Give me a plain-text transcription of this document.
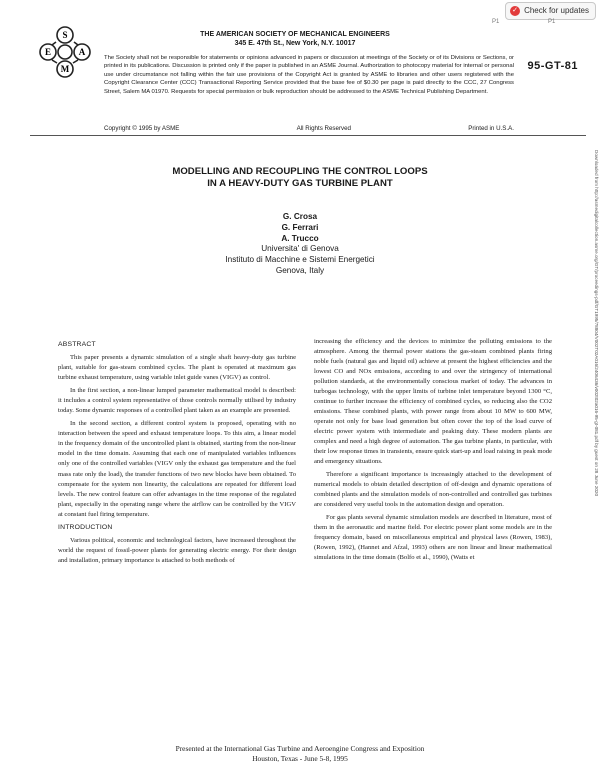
✓ Check for updates
P1	P1
S
E	A
M
THE AMERICAN SOCIETY OF MECHANICAL ENGINEERS
345 E. 47th St., New York, N.Y. 10017
The Society shall not be responsible for statements or opinions advanced in papers or discussion at meetings of the Society or of its Divisions or Sections, or printed in its publications. Discussion is printed only if the paper is published in an ASME Journal. Authorization to photocopy material for internal or personal use under circumstance not falling within the fair use provisions of the Copyright Act is granted by ASME to libraries and other users registered with the Copyright Clearance Center (CCC) Transactional Reporting Service provided that the base fee of $0.30 per page is paid directly to the CCC, 27 Congress Street, Salem MA 01970. Requests for special permission or bulk reproduction should be addressed to the ASME Technical Publishing Department.
95-GT-81
Copyright © 1995 by ASME	All Rights Reserved	Printed in U.S.A.
Downloaded from http://asmedigitalcollection.asme.org/GT/proceedings-pdf/GT1995/78804/V002T02A016/2406436/v002t02a016-95-gt-081.pdf by guest on 28 June 2020
MODELLING AND RECOUPLING THE CONTROL LOOPS
IN A HEAVY-DUTY GAS TURBINE PLANT
G. Crosa
G. Ferrari
A. Trucco
Universita' di Genova
Instituto di Macchine e Sistemi Energetici
Genova, Italy
ABSTRACT

This paper presents a dynamic simulation of a single shaft heavy-duty gas turbine plant, suitable for gas-steam combined cycles. The plant is operated at maximum gas turbine exhaust temperature, using variable inlet guide vanes (VIGV) as control.

In the first section, a non-linear lumped parameter mathematical model is described: it includes a control system representative of those controls normally utilised by industry today. Some dynamic responses of a controlled plant taken as an example are presented.

In the second section, a different control system is proposed, operating with no interaction between the speed and exhaust temperature loops. To this aim, a linear model in the frequency domain of the uncontrolled plant is obtained, starting from the non-linear model in the time domain. Assuming that each one of manipulated variables influences only one of the controlled variables (VIGV only the exhaust gas temperature and the fuel mass rate only the load), the transfer functions of two new blocks have been obtained. To compensate for the system non linearity, the calculations are repeated for different load levels. The new control feature can offer advantages in the time response of the regulated plant, especially in the operating range where the airflow can be controlled by the VIGV at constant fuel firing temperature.

INTRODUCTION

Various political, economic and technological factors, have increased throughout the world the request of fossil-power plants for generating electric energy. For their design and installation, primary importance is attached to both methods of

increasing the efficiency and the devices to minimize the polluting emissions to the atmosphere. Among the thermal power stations the gas-steam combined plants firing noble fuels (natural gas and liquid oil) achieve at present the highest efficiencies and the lowest CO and NOx emissions, according to and over the stringency of international pollution standards, at the environmentally conscious market of today. The advances in turbogas technology, with the upper limits of turbine inlet temperature beyond 1300 °C, continue to further increase the efficiency of combined cycles, so reducing also the CO2 emissions. These combined plants, with power range from about 10 MW to 600 MW, operate not only for base load generation but often cover the top of the load curve of electric power system with intermediate and peaking duty. These modern plants are complex and need a high degree of automation. The gas turbine plants, in particular, with their low response times in transients, ensure quick start-up and load raising in peak mode and emergency situations.

Therefore a significant importance is increasingly attached to the development of numerical models to obtain detailed description of off-design and dynamic operations of combined plants and the simulation models of non-controlled and controlled gas turbines are considered very useful tools in the automation design and operation.

For gas plants several dynamic simulation models are described in literature, most of them in the aeronautic and marine field. For electric power plant some models are in the frequency domain, based on miscellaneous empirical and physical laws (Rowen, 1983), (Rowen, 1992), (Hannet and Afzal, 1993) others are non linear and linear mathematical simulations in the time domain (Bolfo et al., 1990), (Watts et

Presented at the International Gas Turbine and Aeroengine Congress and Exposition
Houston, Texas - June 5-8, 1995
